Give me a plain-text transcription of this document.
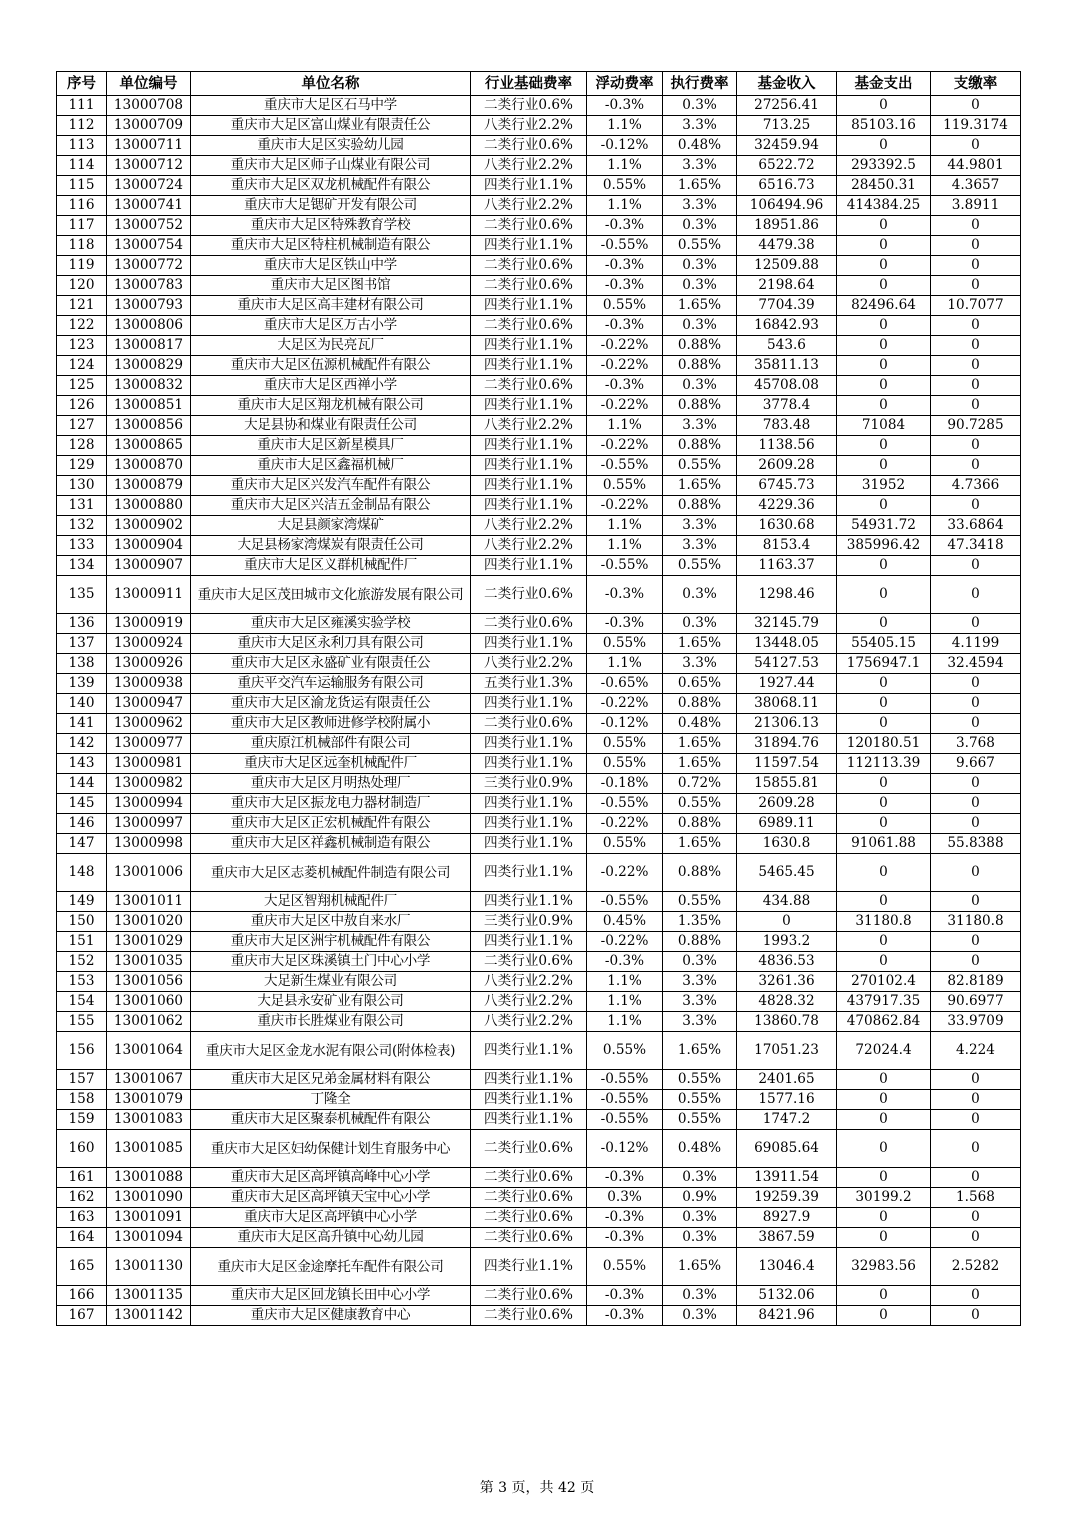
序号	单位编号	单位名称	行业基础费率	浮动费率	执行费率	基金收入	基金支出	支缴率
111	13000708	重庆市大足区石马中学	二类行业0.6%	-0.3%	0.3%	27256.41	0	0
112	13000709	重庆市大足区富山煤业有限责任公	八类行业2.2%	1.1%	3.3%	713.25	85103.16	119.3174
113	13000711	重庆市大足区实验幼儿园	二类行业0.6%	-0.12%	0.48%	32459.94	0	0
114	13000712	重庆市大足区师子山煤业有限公司	八类行业2.2%	1.1%	3.3%	6522.72	293392.5	44.9801
115	13000724	重庆市大足区双龙机械配件有限公	四类行业1.1%	0.55%	1.65%	6516.73	28450.31	4.3657
116	13000741	重庆市大足锶矿开发有限公司	八类行业2.2%	1.1%	3.3%	106494.96	414384.25	3.8911
117	13000752	重庆市大足区特殊教育学校	二类行业0.6%	-0.3%	0.3%	18951.86	0	0
118	13000754	重庆市大足区特柱机械制造有限公	四类行业1.1%	-0.55%	0.55%	4479.38	0	0
119	13000772	重庆市大足区铁山中学	二类行业0.6%	-0.3%	0.3%	12509.88	0	0
120	13000783	重庆市大足区图书馆	二类行业0.6%	-0.3%	0.3%	2198.64	0	0
121	13000793	重庆市大足区高丰建材有限公司	四类行业1.1%	0.55%	1.65%	7704.39	82496.64	10.7077
122	13000806	重庆市大足区万古小学	二类行业0.6%	-0.3%	0.3%	16842.93	0	0
123	13000817	大足区为民亮瓦厂	四类行业1.1%	-0.22%	0.88%	543.6	0	0
124	13000829	重庆市大足区伍源机械配件有限公	四类行业1.1%	-0.22%	0.88%	35811.13	0	0
125	13000832	重庆市大足区西禅小学	二类行业0.6%	-0.3%	0.3%	45708.08	0	0
126	13000851	重庆市大足区翔龙机械有限公司	四类行业1.1%	-0.22%	0.88%	3778.4	0	0
127	13000856	大足县协和煤业有限责任公司	八类行业2.2%	1.1%	3.3%	783.48	71084	90.7285
128	13000865	重庆市大足区新星模具厂	四类行业1.1%	-0.22%	0.88%	1138.56	0	0
129	13000870	重庆市大足区鑫福机械厂	四类行业1.1%	-0.55%	0.55%	2609.28	0	0
130	13000879	重庆市大足区兴发汽车配件有限公	四类行业1.1%	0.55%	1.65%	6745.73	31952	4.7366
131	13000880	重庆市大足区兴洁五金制品有限公	四类行业1.1%	-0.22%	0.88%	4229.36	0	0
132	13000902	大足县颜家湾煤矿	八类行业2.2%	1.1%	3.3%	1630.68	54931.72	33.6864
133	13000904	大足县杨家湾煤炭有限责任公司	八类行业2.2%	1.1%	3.3%	8153.4	385996.42	47.3418
134	13000907	重庆市大足区义群机械配件厂	四类行业1.1%	-0.55%	0.55%	1163.37	0	0
135	13000911	重庆市大足区茂田城市文化旅游发展有限公司	二类行业0.6%	-0.3%	0.3%	1298.46	0	0
136	13000919	重庆市大足区雍溪实验学校	二类行业0.6%	-0.3%	0.3%	32145.79	0	0
137	13000924	重庆市大足区永利刀具有限公司	四类行业1.1%	0.55%	1.65%	13448.05	55405.15	4.1199
138	13000926	重庆市大足区永盛矿业有限责任公	八类行业2.2%	1.1%	3.3%	54127.53	1756947.1	32.4594
139	13000938	重庆平交汽车运输服务有限公司	五类行业1.3%	-0.65%	0.65%	1927.44	0	0
140	13000947	重庆市大足区渝龙货运有限责任公	四类行业1.1%	-0.22%	0.88%	38068.11	0	0
141	13000962	重庆市大足区教师进修学校附属小	二类行业0.6%	-0.12%	0.48%	21306.13	0	0
142	13000977	重庆原江机械部件有限公司	四类行业1.1%	0.55%	1.65%	31894.76	120180.51	3.768
143	13000981	重庆市大足区远奎机械配件厂	四类行业1.1%	0.55%	1.65%	11597.54	112113.39	9.667
144	13000982	重庆市大足区月明热处理厂	三类行业0.9%	-0.18%	0.72%	15855.81	0	0
145	13000994	重庆市大足区振龙电力器材制造厂	四类行业1.1%	-0.55%	0.55%	2609.28	0	0
146	13000997	重庆市大足区正宏机械配件有限公	四类行业1.1%	-0.22%	0.88%	6989.11	0	0
147	13000998	重庆市大足区祥鑫机械制造有限公	四类行业1.1%	0.55%	1.65%	1630.8	91061.88	55.8388
148	13001006	重庆市大足区志菱机械配件制造有限公司	四类行业1.1%	-0.22%	0.88%	5465.45	0	0
149	13001011	大足区智翔机械配件厂	四类行业1.1%	-0.55%	0.55%	434.88	0	0
150	13001020	重庆市大足区中敖自来水厂	三类行业0.9%	0.45%	1.35%	0	31180.8	31180.8
151	13001029	重庆市大足区洲宇机械配件有限公	四类行业1.1%	-0.22%	0.88%	1993.2	0	0
152	13001035	重庆市大足区珠溪镇土门中心小学	二类行业0.6%	-0.3%	0.3%	4836.53	0	0
153	13001056	大足新生煤业有限公司	八类行业2.2%	1.1%	3.3%	3261.36	270102.4	82.8189
154	13001060	大足县永安矿业有限公司	八类行业2.2%	1.1%	3.3%	4828.32	437917.35	90.6977
155	13001062	重庆市长胜煤业有限公司	八类行业2.2%	1.1%	3.3%	13860.78	470862.84	33.9709
156	13001064	重庆市大足区金龙水泥有限公司(附体检表)	四类行业1.1%	0.55%	1.65%	17051.23	72024.4	4.224
157	13001067	重庆市大足区兄弟金属材料有限公	四类行业1.1%	-0.55%	0.55%	2401.65	0	0
158	13001079	丁隆全	四类行业1.1%	-0.55%	0.55%	1577.16	0	0
159	13001083	重庆市大足区聚泰机械配件有限公	四类行业1.1%	-0.55%	0.55%	1747.2	0	0
160	13001085	重庆市大足区妇幼保健计划生育服务中心	二类行业0.6%	-0.12%	0.48%	69085.64	0	0
161	13001088	重庆市大足区高坪镇高峰中心小学	二类行业0.6%	-0.3%	0.3%	13911.54	0	0
162	13001090	重庆市大足区高坪镇天宝中心小学	二类行业0.6%	0.3%	0.9%	19259.39	30199.2	1.568
163	13001091	重庆市大足区高坪镇中心小学	二类行业0.6%	-0.3%	0.3%	8927.9	0	0
164	13001094	重庆市大足区高升镇中心幼儿园	二类行业0.6%	-0.3%	0.3%	3867.59	0	0
165	13001130	重庆市大足区金途摩托车配件有限公司	四类行业1.1%	0.55%	1.65%	13046.4	32983.56	2.5282
166	13001135	重庆市大足区回龙镇长田中心小学	二类行业0.6%	-0.3%	0.3%	5132.06	0	0
167	13001142	重庆市大足区健康教育中心	二类行业0.6%	-0.3%	0.3%	8421.96	0	0
第 3 页，共 42 页
